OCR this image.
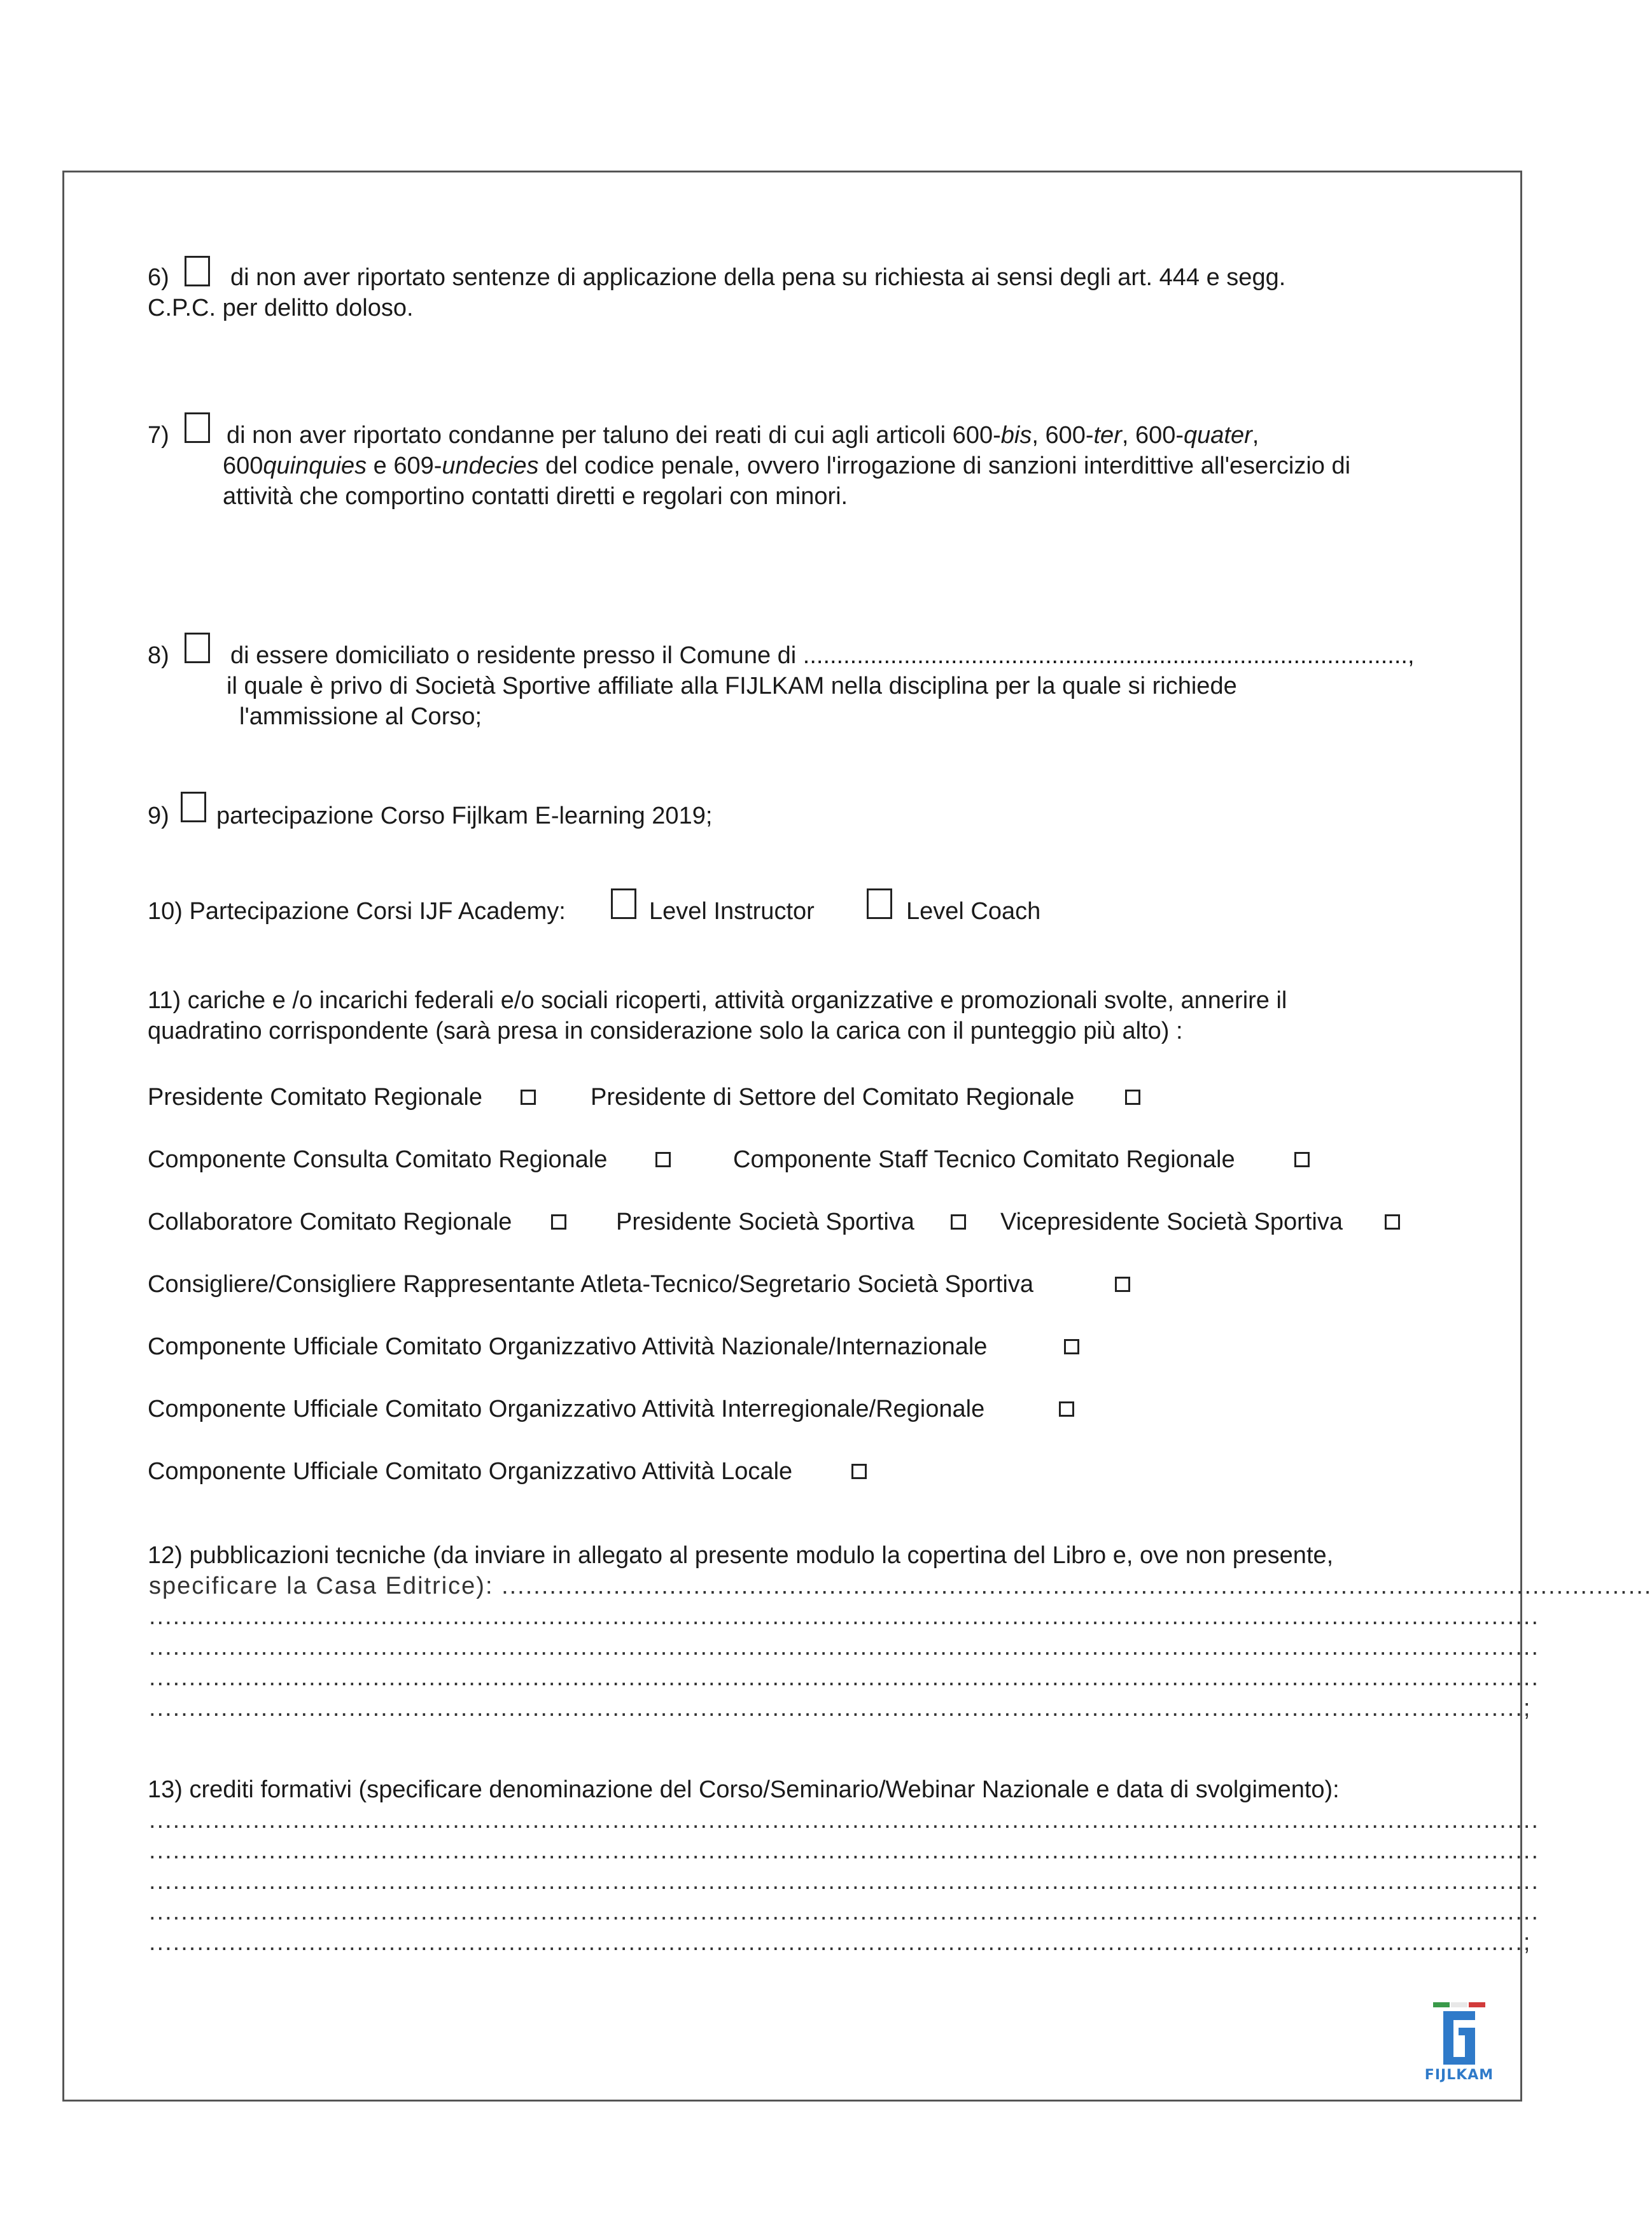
6)	di non aver riportato sentenze di applicazione della pena su richiesta ai sensi degli art. 444 e segg.
C.P.C. per delitto doloso.
7) di non aver riportato condanne per taluno dei reati di cui agli articoli 600-bis, 600-ter, 600-quater,
600quinquies e 609-undecies del codice penale, ovvero l'irrogazione di sanzioni interdittive all'esercizio di
attività che comportino contatti diretti e regolari con minori.
8)	di essere domiciliato o residente presso il Comune di ..........................................................................................,
il quale è privo di Società Sportive affiliate alla FIJLKAM nella disciplina per la quale si richiede
l'ammissione al Corso;
9) partecipazione Corso Fijlkam E-learning 2019;
10) Partecipazione Corsi IJF Academy:	Level Instructor	Level Coach
11) cariche e /o incarichi federali e/o sociali ricoperti, attività organizzative e promozionali svolte, annerire il
quadratino corrispondente (sarà presa in considerazione solo la carica con il punteggio più alto) :
Presidente Comitato Regionale	Presidente di Settore del Comitato Regionale
Componente Consulta Comitato Regionale	Componente Staff Tecnico Comitato Regionale
Collaboratore Comitato Regionale	Presidente Società Sportiva	Vicepresidente Società Sportiva
Consigliere/Consigliere Rappresentante Atleta-Tecnico/Segretario Società Sportiva
Componente Ufficiale Comitato Organizzativo Attività Nazionale/Internazionale
Componente Ufficiale Comitato Organizzativo Attività Interregionale/Regionale
Componente Ufficiale Comitato Organizzativo Attività Locale
12) pubblicazioni tecniche (da inviare in allegato al presente modulo la copertina del Libro e, ove non presente,
specificare la Casa Editrice): ................................................................................................................................................
..............................................................................................................................................................................
..............................................................................................................................................................................
..............................................................................................................................................................................
............................................................................................................................................................................;
13) crediti formativi (specificare denominazione del Corso/Seminario/Webinar Nazionale e data di svolgimento):
..............................................................................................................................................................................
..............................................................................................................................................................................
..............................................................................................................................................................................
..............................................................................................................................................................................
............................................................................................................................................................................;
FIJLKAM
